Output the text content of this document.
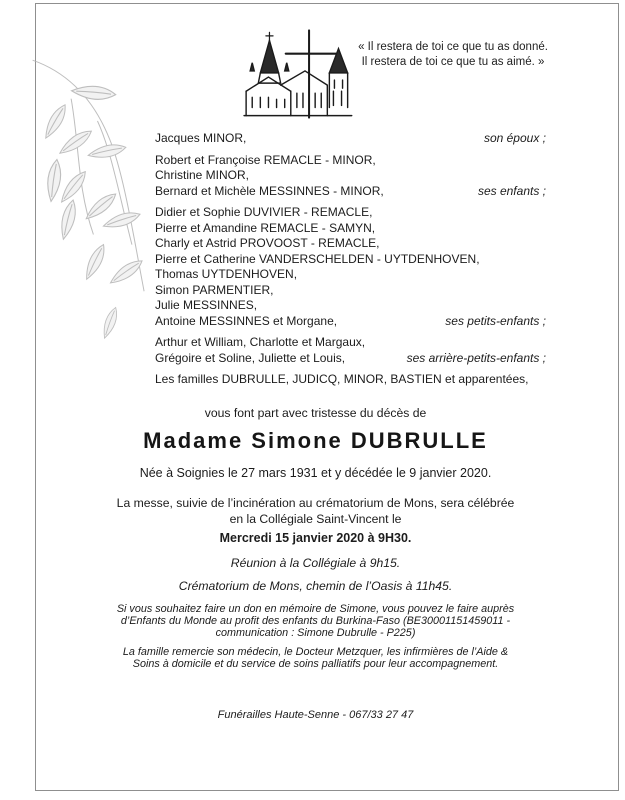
« Il restera de toi ce que tu as donné.
Il restera de toi ce que tu as aimé. »
Jacques MINOR,	son époux ;
Robert et Françoise REMACLE - MINOR,
Christine MINOR,
Bernard et Michèle MESSINNES - MINOR,	ses enfants ;
Didier et Sophie DUVIVIER - REMACLE,
Pierre et Amandine REMACLE - SAMYN,
Charly et Astrid PROVOOST - REMACLE,
Pierre et Catherine VANDERSCHELDEN - UYTDENHOVEN,
Thomas UYTDENHOVEN,
Simon PARMENTIER,
Julie MESSINNES,
Antoine MESSINNES et Morgane,	ses petits-enfants ;
Arthur et William, Charlotte et Margaux,
Grégoire et Soline, Juliette et Louis,	ses arrière-petits-enfants ;
Les familles DUBRULLE, JUDICQ, MINOR, BASTIEN et apparentées,
vous font part avec tristesse du décès de
Madame Simone DUBRULLE
Née à Soignies le 27 mars 1931 et y décédée le 9 janvier 2020.
La messe, suivie de l’incinération au crématorium de Mons, sera célébrée
en la Collégiale Saint-Vincent le
Mercredi 15 janvier 2020 à 9H30.
Réunion à la Collégiale à 9h15.
Crématorium de Mons, chemin de l’Oasis à 11h45.
Si vous souhaitez faire un don en mémoire de Simone, vous pouvez le faire auprès
d’Enfants du Monde au profit des enfants du Burkina-Faso (BE30001151459011 -
communication : Simone Dubrulle - P225)
La famille remercie son médecin, le Docteur Metzquer, les infirmières de l’Aide &
Soins à domicile et du service de soins palliatifs pour leur accompagnement.
Funérailles Haute-Senne - 067/33 27 47
